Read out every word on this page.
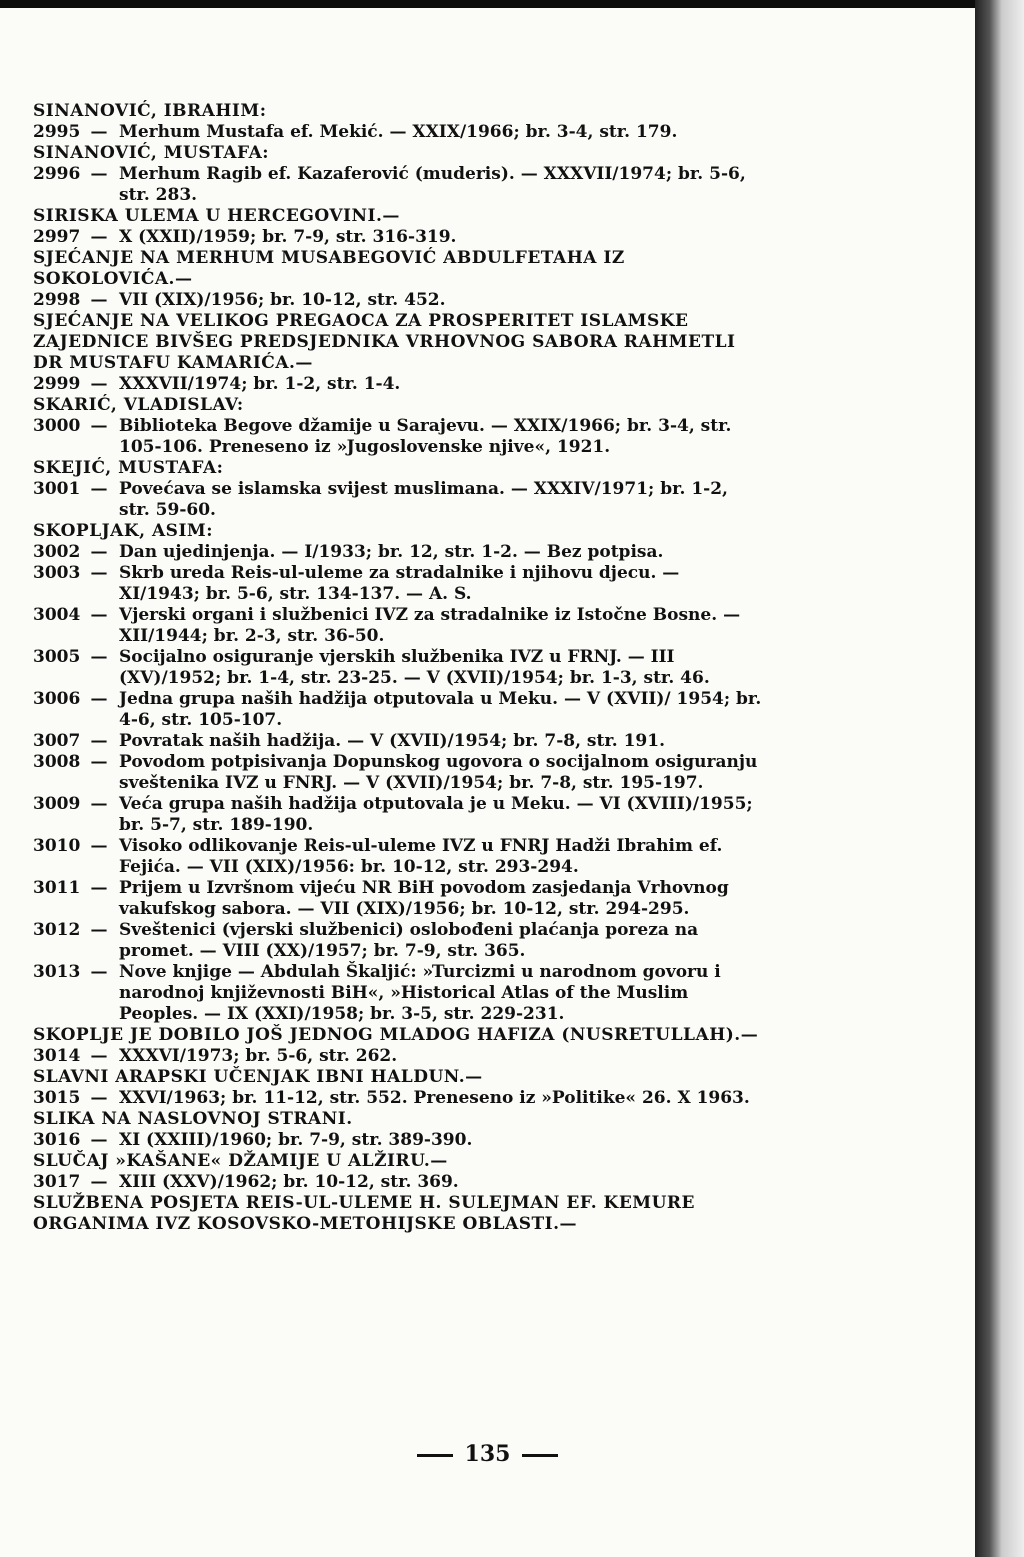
SINANOVIĆ, IBRAHIM:
2995 — Merhum Mustafa ef. Mekić. — XXIX/1966; br. 3-4, str. 179.
SINANOVIĆ, MUSTAFA:
2996 — Merhum Ragib ef. Kazaferović (muderis). — XXXVII/1974; br. 5-6, str. 283.
SIRISKA ULEMA U HERCEGOVINI.—
2997 — X (XXII)/1959; br. 7-9, str. 316-319.
SJEĆANJE NA MERHUM MUSABEGOVIĆ ABDULFETAHA IZ SOKOLOVIĆA.—
2998 — VII (XIX)/1956; br. 10-12, str. 452.
SJEĆANJE NA VELIKOG PREGAOCA ZA PROSPERITET ISLAMSKE ZAJEDNICE BIVŠEG PREDSJEDNIKA VRHOVNOG SABORA RAHMETLI DR MUSTAFU KAMARIĆA.—
2999 — XXXVII/1974; br. 1-2, str. 1-4.
SKARIĆ, VLADISLAV:
3000 — Biblioteka Begove džamije u Sarajevu. — XXIX/1966; br. 3-4, str. 105-106. Preneseno iz »Jugoslovenske njive«, 1921.
SKEJIĆ, MUSTAFA:
3001 — Povećava se islamska svijest muslimana. — XXXIV/1971; br. 1-2, str. 59-60.
SKOPLJAK, ASIM:
3002 — Dan ujedinjenja. — I/1933; br. 12, str. 1-2. — Bez potpisa.
3003 — Skrb ureda Reis-ul-uleme za stradalnike i njihovu djecu. — XI/1943; br. 5-6, str. 134-137. — A. S.
3004 — Vjerski organi i službenici IVZ za stradalnike iz Istočne Bosne. — XII/1944; br. 2-3, str. 36-50.
3005 — Socijalno osiguranje vjerskih službenika IVZ u FRNJ. — III (XV)/1952; br. 1-4, str. 23-25. — V (XVII)/1954; br. 1-3, str. 46.
3006 — Jedna grupa naših hadžija otputovala u Meku. — V (XVII)/ 1954; br. 4-6, str. 105-107.
3007 — Povratak naših hadžija. — V (XVII)/1954; br. 7-8, str. 191.
3008 — Povodom potpisivanja Dopunskog ugovora o socijalnom osiguranju sveštenika IVZ u FNRJ. — V (XVII)/1954; br. 7-8, str. 195-197.
3009 — Veća grupa naših hadžija otputovala je u Meku. — VI (XVIII)/1955; br. 5-7, str. 189-190.
3010 — Visoko odlikovanje Reis-ul-uleme IVZ u FNRJ Hadži Ibrahim ef. Fejića. — VII (XIX)/1956: br. 10-12, str. 293-294.
3011 — Prijem u Izvršnom vijeću NR BiH povodom zasjedanja Vrhovnog vakufskog sabora. — VII (XIX)/1956; br. 10-12, str. 294-295.
3012 — Sveštenici (vjerski službenici) oslobođeni plaćanja poreza na promet. — VIII (XX)/1957; br. 7-9, str. 365.
3013 — Nove knjige — Abdulah Škaljić: »Turcizmi u narodnom govoru i narodnoj književnosti BiH«, »Historical Atlas of the Muslim Peoples. — IX (XXI)/1958; br. 3-5, str. 229-231.
SKOPLJE JE DOBILO JOŠ JEDNOG MLADOG HAFIZA (NUSRETULLAH).—
3014 — XXXVI/1973; br. 5-6, str. 262.
SLAVNI ARAPSKI UČENJAK IBNI HALDUN.—
3015 — XXVI/1963; br. 11-12, str. 552. Preneseno iz »Politike« 26. X 1963.
SLIKA NA NASLOVNOJ STRANI.
3016 — XI (XXIII)/1960; br. 7-9, str. 389-390.
SLUČAJ »KAŠANE« DŽAMIJE U ALŽIRU.—
3017 — XIII (XXV)/1962; br. 10-12, str. 369.
SLUŽBENA POSJETA REIS-UL-ULEME H. SULEJMAN EF. KEMURE ORGANIMA IVZ KOSOVSKO-METOHIJSKE OBLASTI.—
135
